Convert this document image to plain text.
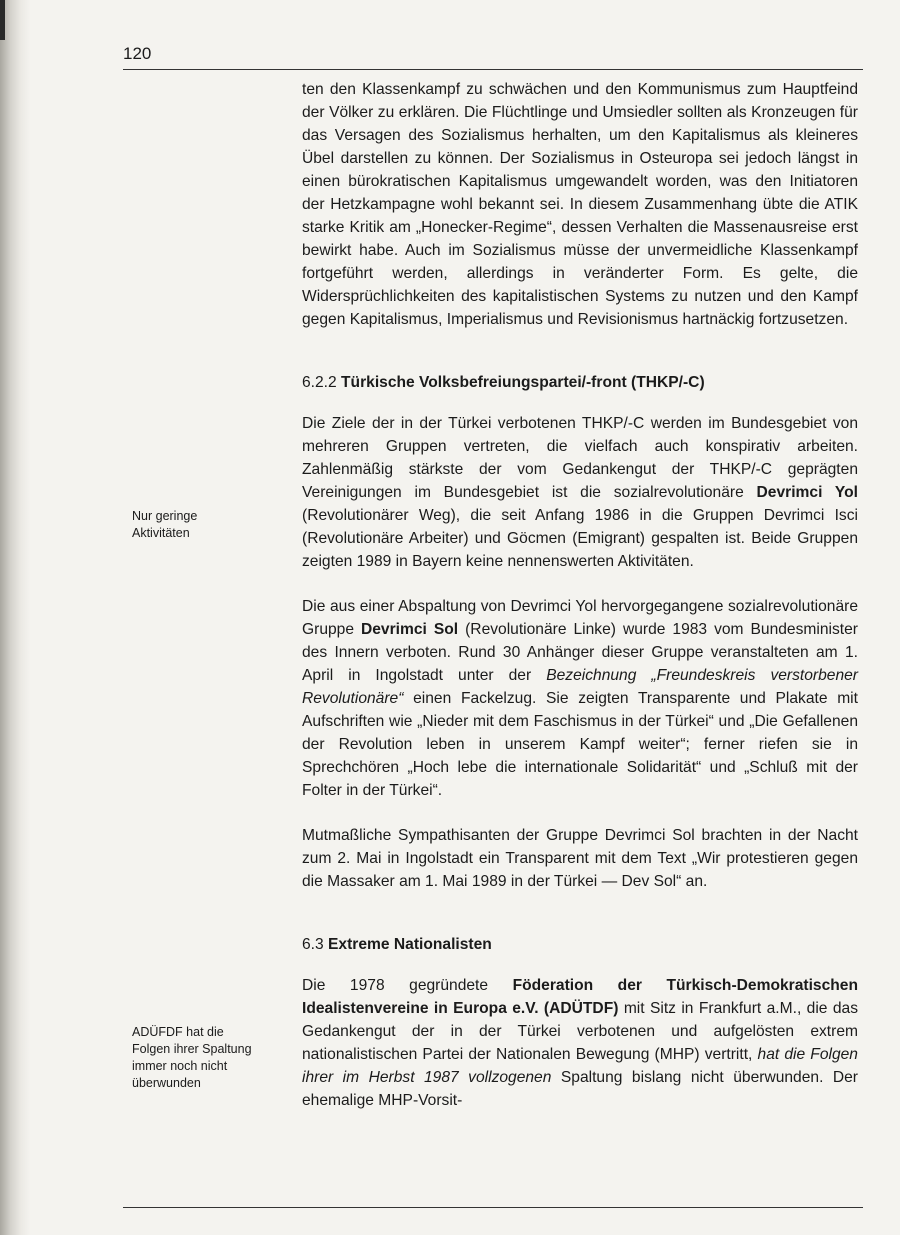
120
Nur geringe Aktivitäten
ADÜFDF hat die Folgen ihrer Spaltung immer noch nicht überwunden

ten den Klassenkampf zu schwächen und den Kommunismus zum Hauptfeind der Völker zu erklären. Die Flüchtlinge und Umsiedler sollten als Kronzeugen für das Versagen des Sozialismus herhalten, um den Kapitalismus als kleineres Übel darstellen zu können. Der Sozialismus in Osteuropa sei jedoch längst in einen bürokratischen Kapitalismus umgewandelt worden, was den Initiatoren der Hetzkampagne wohl bekannt sei. In diesem Zusammenhang übte die ATIK starke Kritik am „Honecker-Regime“, dessen Verhalten die Massenausreise erst bewirkt habe. Auch im Sozialismus müsse der unvermeidliche Klassenkampf fortgeführt werden, allerdings in veränderter Form. Es gelte, die Widersprüchlichkeiten des kapitalistischen Systems zu nutzen und den Kampf gegen Kapitalismus, Imperialismus und Revisionismus hartnäckig fortzusetzen.

6.2.2 Türkische Volksbefreiungspartei/-front (THKP/-C)

Die Ziele der in der Türkei verbotenen THKP/-C werden im Bundesgebiet von mehreren Gruppen vertreten, die vielfach auch konspirativ arbeiten. Zahlenmäßig stärkste der vom Gedankengut der THKP/-C geprägten Vereinigungen im Bundesgebiet ist die sozialrevolutionäre Devrimci Yol (Revolutionärer Weg), die seit Anfang 1986 in die Gruppen Devrimci Isci (Revolutionäre Arbeiter) und Göcmen (Emigrant) gespalten ist. Beide Gruppen zeigten 1989 in Bayern keine nennenswerten Aktivitäten.

Die aus einer Abspaltung von Devrimci Yol hervorgegangene sozialrevolutionäre Gruppe Devrimci Sol (Revolutionäre Linke) wurde 1983 vom Bundesminister des Innern verboten. Rund 30 Anhänger dieser Gruppe veranstalteten am 1. April in Ingolstadt unter der Bezeichnung „Freundeskreis verstorbener Revolutionäre“ einen Fackelzug. Sie zeigten Transparente und Plakate mit Aufschriften wie „Nieder mit dem Faschismus in der Türkei“ und „Die Gefallenen der Revolution leben in unserem Kampf weiter“; ferner riefen sie in Sprechchören „Hoch lebe die internationale Solidarität“ und „Schluß mit der Folter in der Türkei“.

Mutmaßliche Sympathisanten der Gruppe Devrimci Sol brachten in der Nacht zum 2. Mai in Ingolstadt ein Transparent mit dem Text „Wir protestieren gegen die Massaker am 1. Mai 1989 in der Türkei — Dev Sol“ an.

6.3 Extreme Nationalisten

Die 1978 gegründete Föderation der Türkisch-Demokratischen Idealistenvereine in Europa e.V. (ADÜTDF) mit Sitz in Frankfurt a.M., die das Gedankengut der in der Türkei verbotenen und aufgelösten extrem nationalistischen Partei der Nationalen Bewegung (MHP) vertritt, hat die Folgen ihrer im Herbst 1987 vollzogenen Spaltung bislang nicht überwunden. Der ehemalige MHP-Vorsit-
